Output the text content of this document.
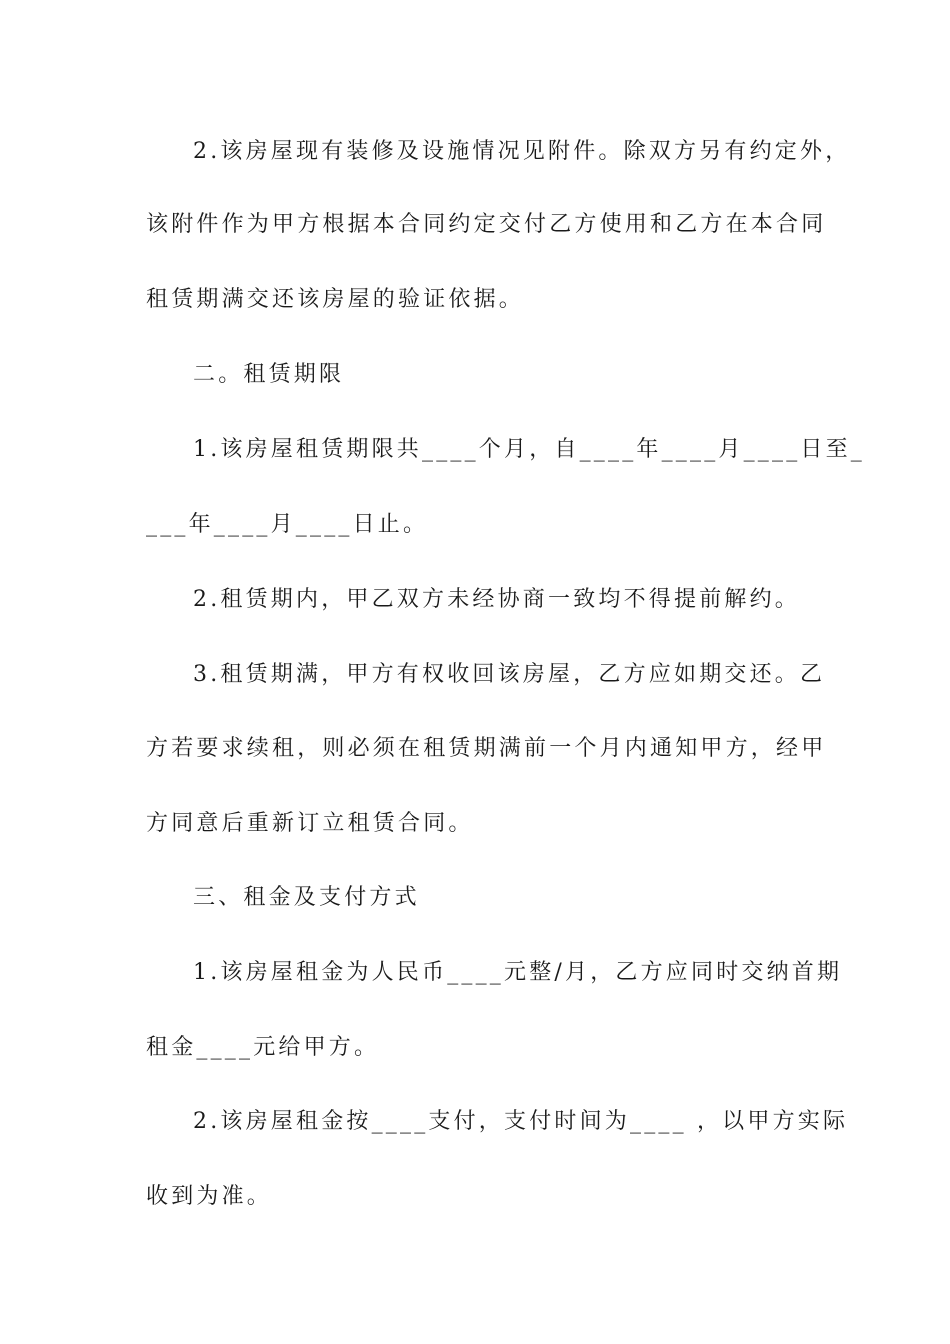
2.该房屋现有装修及设施情况见附件。除双方另有约定外，
该附件作为甲方根据本合同约定交付乙方使用和乙方在本合同
租赁期满交还该房屋的验证依据。
二。租赁期限
1.该房屋租赁期限共____个月，自____年____月____日至_
___年____月____日止。
2.租赁期内，甲乙双方未经协商一致均不得提前解约。
3.租赁期满，甲方有权收回该房屋，乙方应如期交还。乙
方若要求续租，则必须在租赁期满前一个月内通知甲方，经甲
方同意后重新订立租赁合同。
三、租金及支付方式
1.该房屋租金为人民币____元整/月，乙方应同时交纳首期
租金____元给甲方。
2.该房屋租金按____支付，支付时间为____ ，以甲方实际
收到为准。
